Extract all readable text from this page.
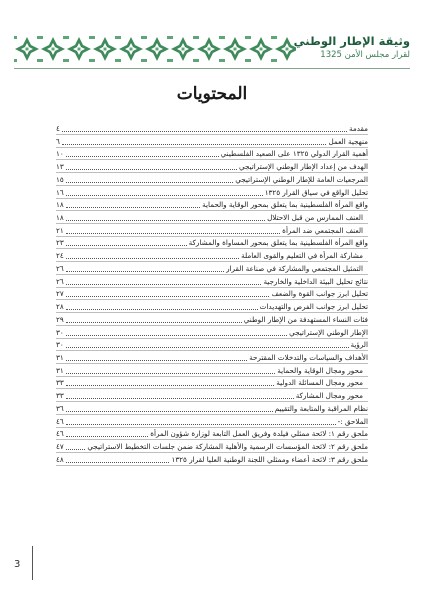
وثيقة الإطار الوطني
لقرار مجلس الأمن 1325
المحتويات
مقدمة
٤
منهجية العمل
٦
أهمية القرار الدولي ١٣٢٥ على الصعيد الفلسطيني
١٠
الهدف من إعداد الإطار الوطني الإستراتيجي
١٣
المرجعيات العامة للإطار الوطني الإستراتيجي
١٥
تحليل الواقع في سياق القرار ١٣٢٥
١٦
واقع المرأة الفلسطينية بما يتعلق بمحور الوقاية والحماية
١٨
العنف الممارس من قبل الاحتلال
١٨
العنف المجتمعي ضد المرأة
٢١
واقع المرأة الفلسطينية بما يتعلق بمحور المساواة والمشاركة
٢٣
مشاركة المرأة في التعليم والقوى العاملة
٢٤
التمثيل المجتمعي والمشاركة في صناعة القرار
٢٦
نتائج تحليل البيئة الداخلية والخارجية
٢٦
تحليل ابرز جوانب القوة والضعف
٢٧
تحليل ابرز جوانب الفرص والتهديدات
٢٨
فئات النساء المستهدفة من الإطار الوطني
٢٩
الإطار الوطني الإستراتيجي
٣٠
الرؤية
٣٠
الأهداف والسياسات والتدخلات المقترحة
٣١
محور ومجال الوقاية والحماية
٣١
محور ومجال المسائلة الدولية
٣٣
محور ومجال المشاركة
٣٣
نظام المراقبة والمتابعة والتقييم
٣٦
الملاحق :-
٤٦
ملحق رقم ١: لائحة ممثلي فيلدة وفريق العمل التابعة لوزارة شؤون المرأة
٤٦
ملحق رقم ٢: لائحة المؤسسات الرسمية والأهلية المشاركة ضمن جلسات التخطيط الاستراتيجي
٤٧
ملحق رقم ٣: لائحة أعضاء وممثلي اللجنة الوطنية العليا لقرار ١٣٢٥
٤٨
3
